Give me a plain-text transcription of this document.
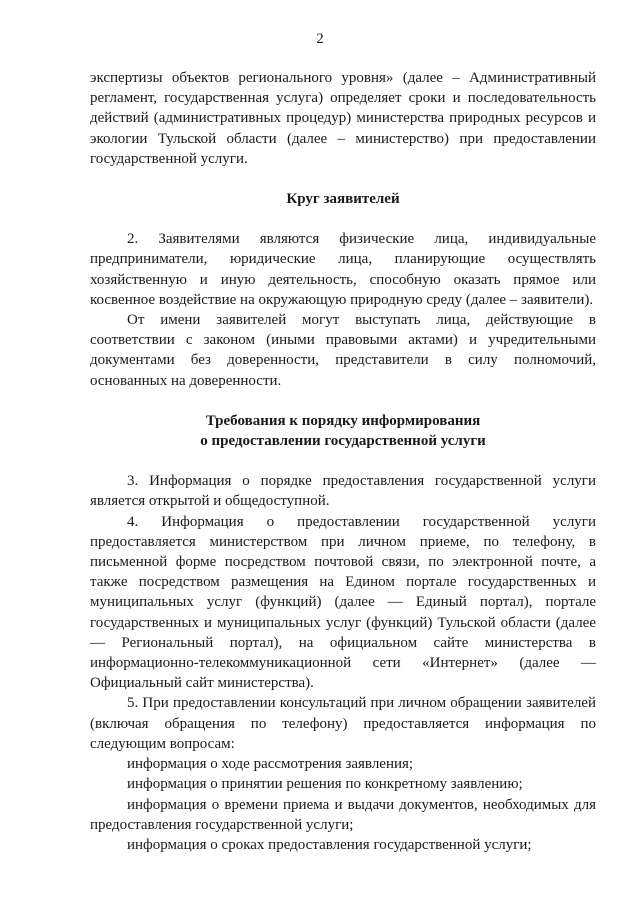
2

экспертизы объектов регионального уровня» (далее – Административный регламент, государственная услуга) определяет сроки и последовательность действий (административных процедур) министерства природных ресурсов и экологии Тульской области (далее – министерство) при предоставлении государственной услуги.

Круг заявителей

2. Заявителями являются физические лица, индивидуальные предприниматели, юридические лица, планирующие осуществлять хозяйственную и иную деятельность, способную оказать прямое или косвенное воздействие на окружающую природную среду (далее – заявители).

От имени заявителей могут выступать лица, действующие в соответствии с законом (иными правовыми актами) и учредительными документами без доверенности, представители в силу полномочий, основанных на доверенности.

Требования к порядку информирования

о предоставлении государственной услуги

3. Информация о порядке предоставления государственной услуги является открытой и общедоступной.

4. Информация о предоставлении государственной услуги предоставляется министерством при личном приеме, по телефону, в письменной форме посредством почтовой связи, по электронной почте, а также посредством размещения на Едином портале государственных и муниципальных услуг (функций) (далее — Единый портал), портале государственных и муниципальных услуг (функций) Тульской области (далее — Региональный портал), на официальном сайте министерства в информационно-телекоммуникационной сети «Интернет» (далее — Официальный сайт министерства).

5. При предоставлении консультаций при личном обращении заявителей (включая обращения по телефону) предоставляется информация по следующим вопросам:

информация о ходе рассмотрения заявления;

информация о принятии решения по конкретному заявлению;

информация о времени приема и выдачи документов, необходимых для предоставления государственной услуги;

информация о сроках предоставления государственной услуги;
